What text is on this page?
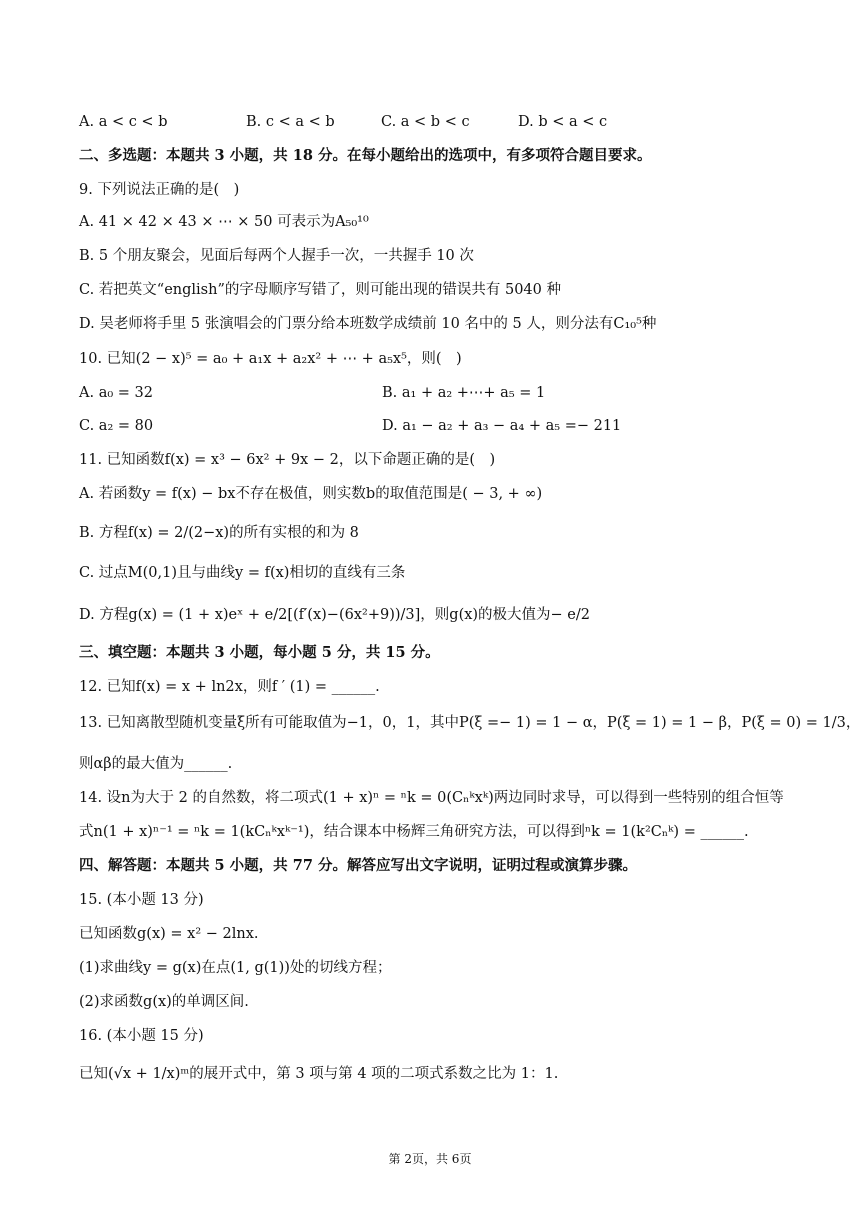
A. a < c < b	B. c < a < b	C. a < b < c	D. b < a < c
二、多选题：本题共 3 小题，共 18 分。在每小题给出的选项中，有多项符合题目要求。
9. 下列说法正确的是(　)
A. 41 × 42 × 43 × ⋯ × 50 可表示为A₅₀¹⁰
B. 5 个朋友聚会，见面后每两个人握手一次，一共握手 10 次
C. 若把英文“english”的字母顺序写错了，则可能出现的错误共有 5040 种
D. 吴老师将手里 5 张演唱会的门票分给本班数学成绩前 10 名中的 5 人，则分法有C₁₀⁵种
10. 已知(2 − x)⁵ = a₀ + a₁x + a₂x² + ⋯ + a₅x⁵，则(　)
A. a₀ = 32	B. a₁ + a₂ +⋯+ a₅ = 1
C. a₂ = 80	D. a₁ − a₂ + a₃ − a₄ + a₅ =− 211
11. 已知函数f(x) = x³ − 6x² + 9x − 2，以下命题正确的是(　)
A. 若函数y = f(x) − bx不存在极值，则实数b的取值范围是( − 3, + ∞)
B. 方程f(x) = 2/(2−x)的所有实根的和为 8
C. 过点M(0,1)且与曲线y = f(x)相切的直线有三条
D. 方程g(x) = (1 + x)eˣ + e/2[(f′(x)−(6x²+9))/3]，则g(x)的极大值为− e/2
三、填空题：本题共 3 小题，每小题 5 分，共 15 分。
12. 已知f(x) = x + ln2x，则f ′ (1) = ______.
13. 已知离散型随机变量ξ所有可能取值为−1，0，1，其中P(ξ =− 1) = 1 − α，P(ξ = 1) = 1 − β，P(ξ = 0) = 1/3，
则αβ的最大值为______.
14. 设n为大于 2 的自然数，将二项式(1 + x)ⁿ = ⁿk = 0(Cₙᵏxᵏ)两边同时求导，可以得到一些特别的组合恒等
式n(1 + x)ⁿ⁻¹ = ⁿk = 1(kCₙᵏxᵏ⁻¹)，结合课本中杨辉三角研究方法，可以得到ⁿk = 1(k²Cₙᵏ) = ______.
四、解答题：本题共 5 小题，共 77 分。解答应写出文字说明，证明过程或演算步骤。
15. (本小题 13 分)
已知函数g(x) = x² − 2lnx.
(1)求曲线y = g(x)在点(1, g(1))处的切线方程；
(2)求函数g(x)的单调区间.
16. (本小题 15 分)
已知(√x + 1/x)ᵐ的展开式中，第 3 项与第 4 项的二项式系数之比为 1：1.
第 2页，共 6页
